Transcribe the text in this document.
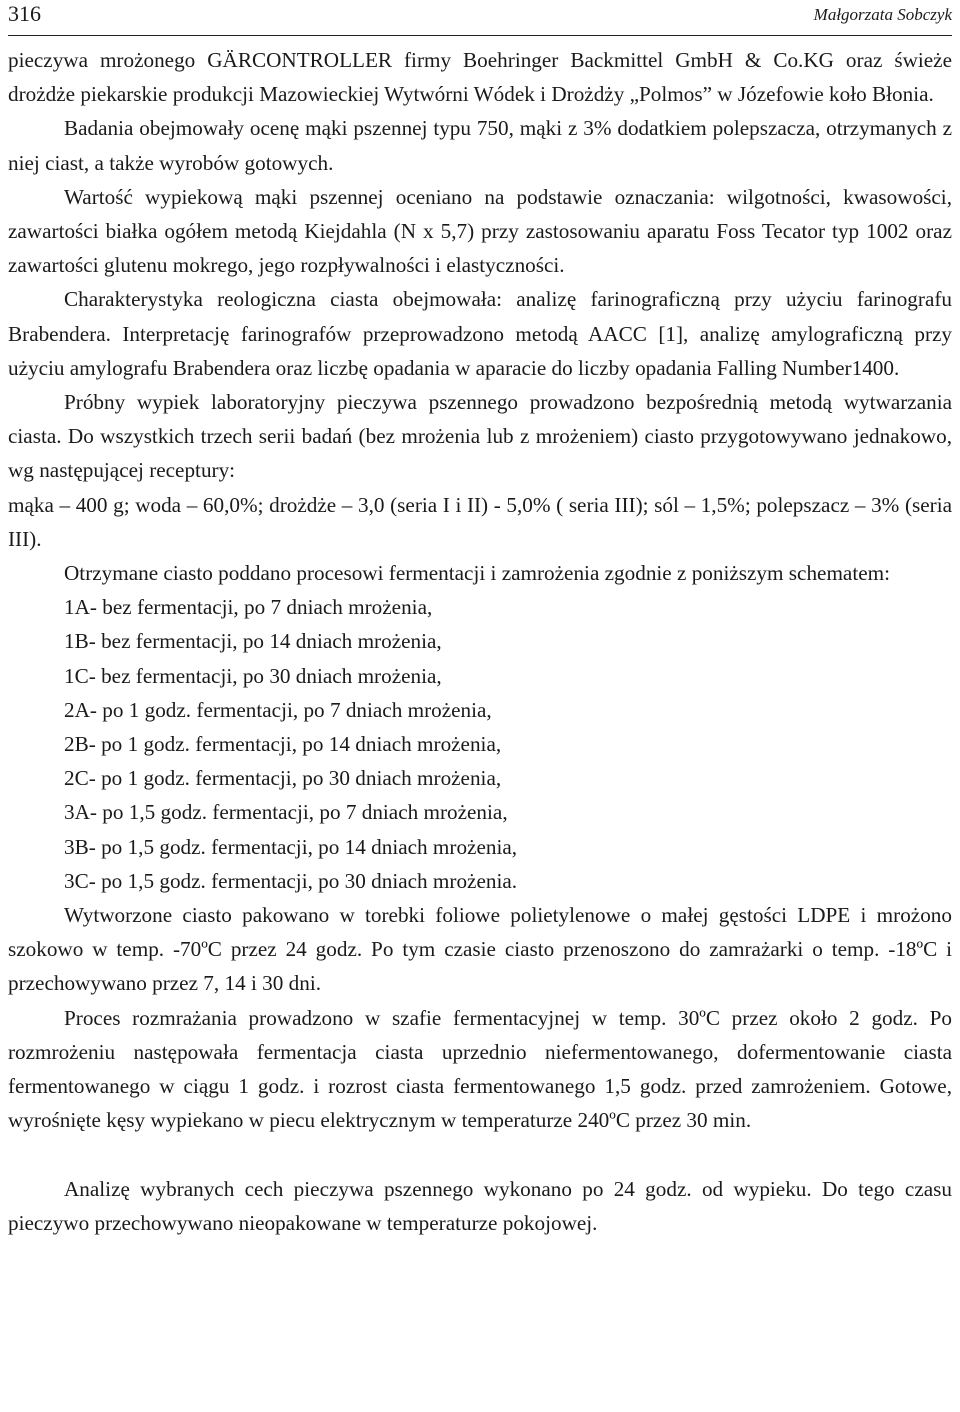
316	Małgorzata Sobczyk

pieczywa mrożonego GÄRCONTROLLER firmy Boehringer Backmittel GmbH & Co.KG oraz świeże drożdże piekarskie produkcji Mazowieckiej Wytwórni Wódek i Drożdży „Polmos” w Józefowie koło Błonia.

Badania obejmowały ocenę mąki pszennej typu 750, mąki z 3% dodatkiem polepszacza, otrzymanych z niej ciast, a także wyrobów gotowych.

Wartość wypiekową mąki pszennej oceniano na podstawie oznaczania: wilgotności, kwasowości, zawartości białka ogółem metodą Kiejdahla (N x 5,7) przy zastosowaniu aparatu Foss Tecator typ 1002 oraz zawartości glutenu mokrego, jego rozpływalności i elastyczności.

Charakterystyka reologiczna ciasta obejmowała: analizę farinograficzną przy użyciu farinografu Brabendera. Interpretację farinografów przeprowadzono metodą AACC [1], analizę amylograficzną przy użyciu amylografu Brabendera oraz liczbę opadania w aparacie do liczby opadania Falling Number1400.

Próbny wypiek laboratoryjny pieczywa pszennego prowadzono bezpośrednią metodą wytwarzania ciasta. Do wszystkich trzech serii badań (bez mrożenia lub z mrożeniem) ciasto przygotowywano jednakowo, wg następującej receptury:

mąka – 400 g; woda – 60,0%; drożdże – 3,0 (seria I i II) - 5,0% ( seria III); sól – 1,5%; polepszacz – 3% (seria III).

Otrzymane ciasto poddano procesowi fermentacji i zamrożenia zgodnie z poniższym schematem:

1A- bez fermentacji, po 7 dniach mrożenia,
1B- bez fermentacji, po 14 dniach mrożenia,
1C- bez fermentacji, po 30 dniach mrożenia,
2A- po 1 godz. fermentacji, po 7 dniach mrożenia,
2B- po 1 godz. fermentacji, po 14 dniach mrożenia,
2C- po 1 godz. fermentacji, po 30 dniach mrożenia,
3A- po 1,5 godz. fermentacji, po 7 dniach mrożenia,
3B- po 1,5 godz. fermentacji, po 14 dniach mrożenia,
3C- po 1,5 godz. fermentacji, po 30 dniach mrożenia.

Wytworzone ciasto pakowano w torebki foliowe polietylenowe o małej gęstości LDPE i mrożono szokowo w temp. -70ºC przez 24 godz. Po tym czasie ciasto przenoszono do zamrażarki o temp. -18ºC i przechowywano przez 7, 14 i 30 dni.

Proces rozmrażania prowadzono w szafie fermentacyjnej w temp. 30ºC przez około 2 godz. Po rozmrożeniu następowała fermentacja ciasta uprzednio niefermentowanego, dofermentowanie ciasta fermentowanego w ciągu 1 godz. i rozrost ciasta fermentowanego 1,5 godz. przed zamrożeniem. Gotowe, wyrośnięte kęsy wypiekano w piecu elektrycznym w temperaturze 240ºC przez 30 min.

Analizę wybranych cech pieczywa pszennego wykonano po 24 godz. od wypieku. Do tego czasu pieczywo przechowywano nieopakowane w temperaturze pokojowej.
